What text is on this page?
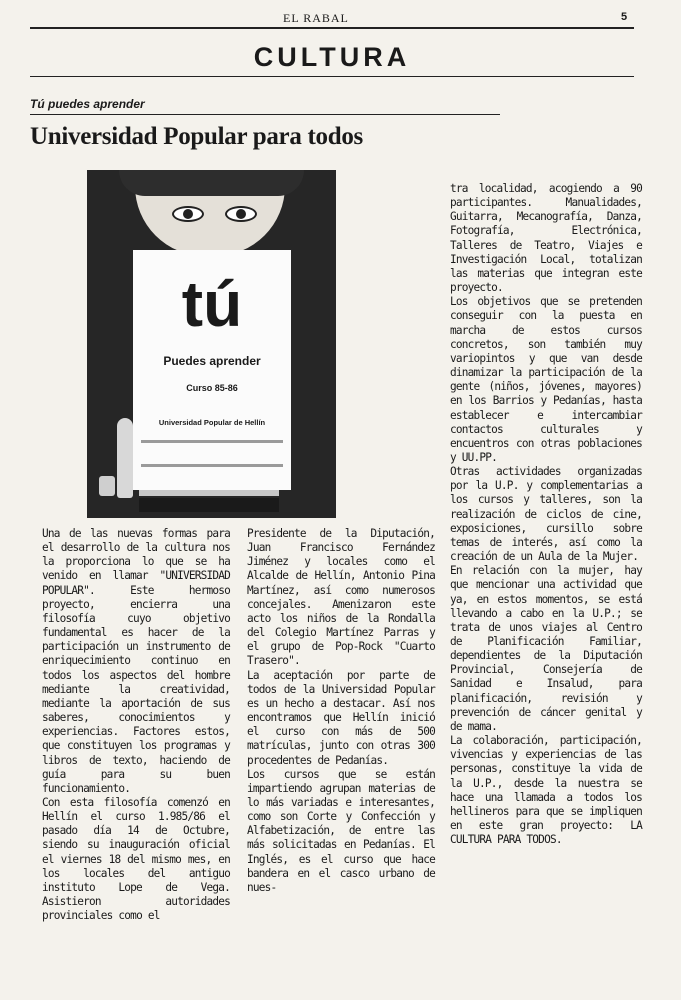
EL RABAL	5
CULTURA
Tú puedes aprender
Universidad Popular para todos
tú
Puedes aprender
Curso 85-86
Universidad Popular de Hellín

Una de las nuevas formas para el desarrollo de la cultura nos la proporciona lo que se ha venido en llamar "UNIVERSIDAD POPULAR". Este hermoso proyecto, encierra una filosofía cuyo objetivo fundamental es hacer de la participación un instrumento de enriquecimiento continuo en todos los aspectos del hombre mediante la creatividad, mediante la aportación de sus saberes, conocimientos y experiencias. Factores estos, que constituyen los programas y libros de texto, haciendo de guía para su buen funcionamiento.
Con esta filosofía comenzó en Hellín el curso 1.985/86 el pasado día 14 de Octubre, siendo su inauguración oficial el viernes 18 del mismo mes, en los locales del antiguo instituto Lope de Vega. Asistieron autoridades provinciales como el

Presidente de la Diputación, Juan Francisco Fernández Jiménez y locales como el Alcalde de Hellín, Antonio Pina Martínez, así como numerosos concejales. Amenizaron este acto los niños de la Rondalla del Colegio Martínez Parras y el grupo de Pop-Rock "Cuarto Trasero".
La aceptación por parte de todos de la Universidad Popular es un hecho a destacar. Así nos encontramos que Hellín inició el curso con más de 500 matrículas, junto con otras 300 procedentes de Pedanías.
Los cursos que se están impartiendo agrupan materias de lo más variadas e interesantes, como son Corte y Confección y Alfabetización, de entre las más solicitadas en Pedanías. El Inglés, es el curso que hace bandera en el casco urbano de nues-

tra localidad, acogiendo a 90 participantes. Manualidades, Guitarra, Mecanografía, Danza, Fotografía, Electrónica, Talleres de Teatro, Viajes e Investigación Local, totalizan las materias que integran este proyecto.
Los objetivos que se pretenden conseguir con la puesta en marcha de estos cursos concretos, son también muy variopintos y que van desde dinamizar la participación de la gente (niños, jóvenes, mayores) en los Barrios y Pedanías, hasta establecer e intercambiar contactos culturales y encuentros con otras poblaciones y UU.PP.
Otras actividades organizadas por la U.P. y complementarias a los cursos y talleres, son la realización de ciclos de cine, exposiciones, cursillo sobre temas de interés, así como la creación de un Aula de la Mujer.
En relación con la mujer, hay que mencionar una actividad que ya, en estos momentos, se está llevando a cabo en la U.P.; se trata de unos viajes al Centro de Planificación Familiar, dependientes de la Diputación Provincial, Consejería de Sanidad e Insalud, para planificación, revisión y prevención de cáncer genital y de mama.
La colaboración, participación, vivencias y experiencias de las personas, constituye la vida de la U.P., desde la nuestra se hace una llamada a todos los hellineros para que se impliquen en este gran proyecto: LA CULTURA PARA TODOS.
